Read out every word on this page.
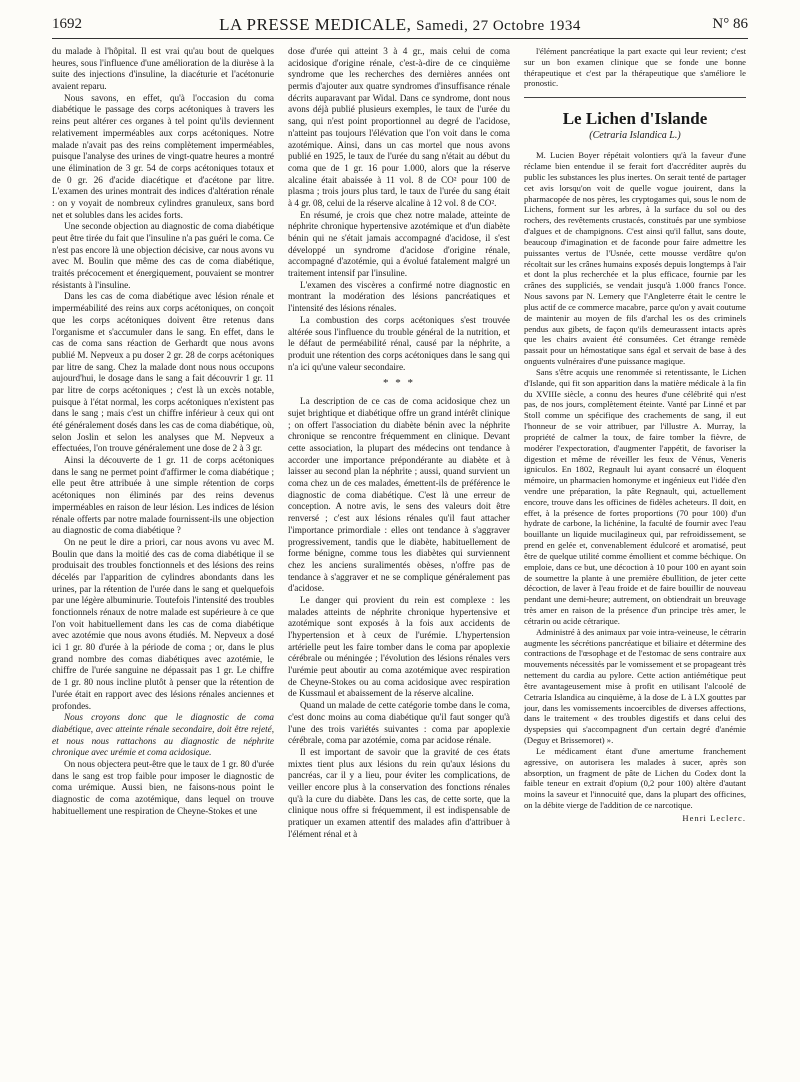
1692	LA PRESSE MEDICALE, Samedi, 27 Octobre 1934	N° 86

du malade à l'hôpital. Il est vrai qu'au bout de quelques heures, sous l'influence d'une amélioration de la diurèse à la suite des injections d'insuline, la diacéturie et l'acétonurie avaient reparu.

Nous savons, en effet, qu'à l'occasion du coma diabétique le passage des corps acétoniques à travers les reins peut altérer ces organes à tel point qu'ils deviennent relativement imperméables aux corps acétoniques. Notre malade n'avait pas des reins complètement imperméables, puisque l'analyse des urines de vingt-quatre heures a montré une élimination de 3 gr. 54 de corps acétoniques totaux et de 0 gr. 26 d'acide diacétique et d'acétone par litre. L'examen des urines montrait des indices d'altération rénale : on y voyait de nombreux cylindres granuleux, sans bord net et solubles dans les acides forts.

Une seconde objection au diagnostic de coma diabétique peut être tirée du fait que l'insuline n'a pas guéri le coma. Ce n'est pas encore là une objection décisive, car nous avons vu avec M. Boulin que même des cas de coma diabétique, traités précocement et énergiquement, pouvaient se montrer résistants à l'insuline.

Dans les cas de coma diabétique avec lésion rénale et imperméabilité des reins aux corps acétoniques, on conçoit que les corps acétoniques doivent être retenus dans l'organisme et s'accumuler dans le sang. En effet, dans le cas de coma sans réaction de Gerhardt que nous avons publié M. Nepveux a pu doser 2 gr. 28 de corps acétoniques par litre de sang. Chez la malade dont nous nous occupons aujourd'hui, le dosage dans le sang a fait découvrir 1 gr. 11 par litre de corps acétoniques ; c'est là un excès notable, puisque à l'état normal, les corps acétoniques n'existent pas dans le sang ; mais c'est un chiffre inférieur à ceux qui ont été généralement dosés dans les cas de coma diabétique, où, selon Joslin et selon les analyses que M. Nepveux a effectuées, l'on trouve généralement une dose de 2 à 3 gr.

Ainsi la découverte de 1 gr. 11 de corps acétoniques dans le sang ne permet point d'affirmer le coma diabétique ; elle peut être attribuée à une simple rétention de corps acétoniques non éliminés par des reins devenus imperméables en raison de leur lésion. Les indices de lésion rénale offerts par notre malade fournissent-ils une objection au diagnostic de coma diabétique ?

On ne peut le dire a priori, car nous avons vu avec M. Boulin que dans la moitié des cas de coma diabétique il se produisait des troubles fonctionnels et des lésions des reins décelés par l'apparition de cylindres abondants dans les urines, par la rétention de l'urée dans le sang et quelquefois par une légère albuminurie. Toutefois l'intensité des troubles fonctionnels rénaux de notre malade est supérieure à ce que l'on voit habituellement dans les cas de coma diabétique avec azotémie que nous avons étudiés. M. Nepveux a dosé ici 1 gr. 80 d'urée à la période de coma ; or, dans le plus grand nombre des comas diabétiques avec azotémie, le chiffre de l'urée sanguine ne dépassait pas 1 gr. Le chiffre de 1 gr. 80 nous incline plutôt à penser que la rétention de l'urée était en rapport avec des lésions rénales anciennes et profondes.

Nous croyons donc que le diagnostic de coma diabétique, avec atteinte rénale secondaire, doit être rejeté, et nous nous rattachons au diagnostic de néphrite chronique avec urémie et coma acidosique.

On nous objectera peut-être que le taux de 1 gr. 80 d'urée dans le sang est trop faible pour imposer le diagnostic de coma urémique. Aussi bien, ne faisons-nous point le diagnostic de coma azotémique, dans lequel on trouve habituellement une respiration de Cheyne-Stokes et une

dose d'urée qui atteint 3 à 4 gr., mais celui de coma acidosique d'origine rénale, c'est-à-dire de ce cinquième syndrome que les recherches des dernières années ont permis d'ajouter aux quatre syndromes d'insuffisance rénale décrits auparavant par Widal. Dans ce syndrome, dont nous avons déjà publié plusieurs exemples, le taux de l'urée du sang, qui n'est point proportionnel au degré de l'acidose, n'atteint pas toujours l'élévation que l'on voit dans le coma azotémique. Ainsi, dans un cas mortel que nous avons publié en 1925, le taux de l'urée du sang n'était au début du coma que de 1 gr. 16 pour 1.000, alors que la réserve alcaline était abaissée à 11 vol. 8 de CO² pour 100 de plasma ; trois jours plus tard, le taux de l'urée du sang était à 4 gr. 08, celui de la réserve alcaline à 12 vol. 8 de CO².

En résumé, je crois que chez notre malade, atteinte de néphrite chronique hypertensive azotémique et d'un diabète bénin qui ne s'était jamais accompagné d'acidose, il s'est développé un syndrome d'acidose d'origine rénale, accompagné d'azotémie, qui a évolué fatalement malgré un traitement intensif par l'insuline.

L'examen des viscères a confirmé notre diagnostic en montrant la modération des lésions pancréatiques et l'intensité des lésions rénales.

La combustion des corps acétoniques s'est trouvée altérée sous l'influence du trouble général de la nutrition, et le défaut de perméabilité rénal, causé par la néphrite, a produit une rétention des corps acétoniques dans le sang qui n'a ici qu'une valeur secondaire.

* * *

La description de ce cas de coma acidosique chez un sujet brightique et diabétique offre un grand intérêt clinique ; on offert l'association du diabète bénin avec la néphrite chronique se rencontre fréquemment en clinique. Devant cette association, la plupart des médecins ont tendance à accorder une importance prépondérante au diabète et à laisser au second plan la néphrite ; aussi, quand survient un coma chez un de ces malades, émettent-ils de préférence le diagnostic de coma diabétique. C'est là une erreur de conception. A notre avis, le sens des valeurs doit être renversé ; c'est aux lésions rénales qu'il faut attacher l'importance primordiale : elles ont tendance à s'aggraver progressivement, tandis que le diabète, habituellement de forme bénigne, comme tous les diabètes qui surviennent chez les anciens suralimentés obèses, n'offre pas de tendance à s'aggraver et ne se complique généralement pas d'acidose.

Le danger qui provient du rein est complexe : les malades atteints de néphrite chronique hypertensive et azotémique sont exposés à la fois aux accidents de l'hypertension et à ceux de l'urémie. L'hypertension artérielle peut les faire tomber dans le coma par apoplexie cérébrale ou méningée ; l'évolution des lésions rénales vers l'urémie peut aboutir au coma azotémique avec respiration de Cheyne-Stokes ou au coma acidosique avec respiration de Kussmaul et abaissement de la réserve alcaline.

Quand un malade de cette catégorie tombe dans le coma, c'est donc moins au coma diabétique qu'il faut songer qu'à l'une des trois variétés suivantes : coma par apoplexie cérébrale, coma par azotémie, coma par acidose rénale.

Il est important de savoir que la gravité de ces états mixtes tient plus aux lésions du rein qu'aux lésions du pancréas, car il y a lieu, pour éviter les complications, de veiller encore plus à la conservation des fonctions rénales qu'à la cure du diabète. Dans les cas, de cette sorte, que la clinique nous offre si fréquemment, il est indispensable de pratiquer un examen attentif des malades afin d'attribuer à l'élément rénal et à

l'élément pancréatique la part exacte qui leur revient; c'est sur un bon examen clinique que se fonde une bonne thérapeutique et c'est par la thérapeutique que s'améliore le pronostic.

Le Lichen d'Islande

(Cetraria Islandica L.)

M. Lucien Boyer répétait volontiers qu'à la faveur d'une réclame bien entendue il se ferait fort d'accréditer auprès du public les substances les plus inertes. On serait tenté de partager cet avis lorsqu'on voit de quelle vogue jouirent, dans la pharmacopée de nos pères, les cryptogames qui, sous le nom de Lichens, forment sur les arbres, à la surface du sol ou des rochers, des revêtements crustacés, constitués par une symbiose d'algues et de champignons. C'est ainsi qu'il fallut, sans doute, beaucoup d'imagination et de faconde pour faire admettre les puissantes vertus de l'Usnée, cette mousse verdâtre qu'on récoltait sur les crânes humains exposés depuis longtemps à l'air et dont la plus recherchée et la plus efficace, fournie par les crânes des suppliciés, se vendait jusqu'à 1.000 francs l'once. Nous savons par N. Lemery que l'Angleterre était le centre le plus actif de ce commerce macabre, parce qu'on y avait coutume de maintenir au moyen de fils d'archal les os des criminels pendus aux gibets, de façon qu'ils demeurassent intacts après que les chairs avaient été consumées. Cet étrange remède passait pour un hémostatique sans égal et servait de base à des onguents vulnéraires d'une puissance magique.

Sans s'être acquis une renommée si retentissante, le Lichen d'Islande, qui fit son apparition dans la matière médicale à la fin du XVIIIe siècle, a connu des heures d'une célébrité qui n'est pas, de nos jours, complètement éteinte. Vanté par Linné et par Stoll comme un spécifique des crachements de sang, il eut l'honneur de se voir attribuer, par l'illustre A. Murray, la propriété de calmer la toux, de faire tomber la fièvre, de modérer l'expectoration, d'augmenter l'appétit, de favoriser la digestion et même de réveiller les feux de Vénus, Veneris igniculos. En 1802, Regnault lui ayant consacré un éloquent mémoire, un pharmacien homonyme et ingénieux eut l'idée d'en vendre une préparation, la pâte Regnault, qui, actuellement encore, trouve dans les officines de fidèles acheteurs. Il doit, en effet, à la présence de fortes proportions (70 pour 100) d'un hydrate de carbone, la lichénine, la faculté de fournir avec l'eau bouillante un liquide mucilagineux qui, par refroidissement, se prend en gelée et, convenablement édulcoré et aromatisé, peut être de quelque utilité comme émollient et comme béchique. On emploie, dans ce but, une décoction à 10 pour 100 en ayant soin de soumettre la plante à une première ébullition, de jeter cette décoction, de laver à l'eau froide et de faire bouillir de nouveau pendant une demi-heure; autrement, on obtiendrait un breuvage très amer en raison de la présence d'un principe très amer, le cétrarin ou acide cétrarique.

Administré à des animaux par voie intra-veineuse, le cétrarin augmente les sécrétions pancréatique et biliaire et détermine des contractions de l'œsophage et de l'estomac de sens contraire aux mouvements nécessités par le vomissement et se propageant très nettement du cardia au pylore. Cette action antiémétique peut être avantageusement mise à profit en utilisant l'alcoolé de Cetraria Islandica au cinquième, à la dose de L à LX gouttes par jour, dans les vomissements incoercibles de diverses affections, dans le traitement « des troubles digestifs et dans celui des dyspepsies qui s'accompagnent d'un certain degré d'anémie (Deguy et Brissemoret) ».

Le médicament étant d'une amertume franchement agressive, on autorisera les malades à sucer, après son absorption, un fragment de pâte de Lichen du Codex dont la faible teneur en extrait d'opium (0,2 pour 100) altère d'autant moins la saveur et l'innocuité que, dans la plupart des officines, on la débite vierge de l'addition de ce narcotique.

Henri Leclerc.
